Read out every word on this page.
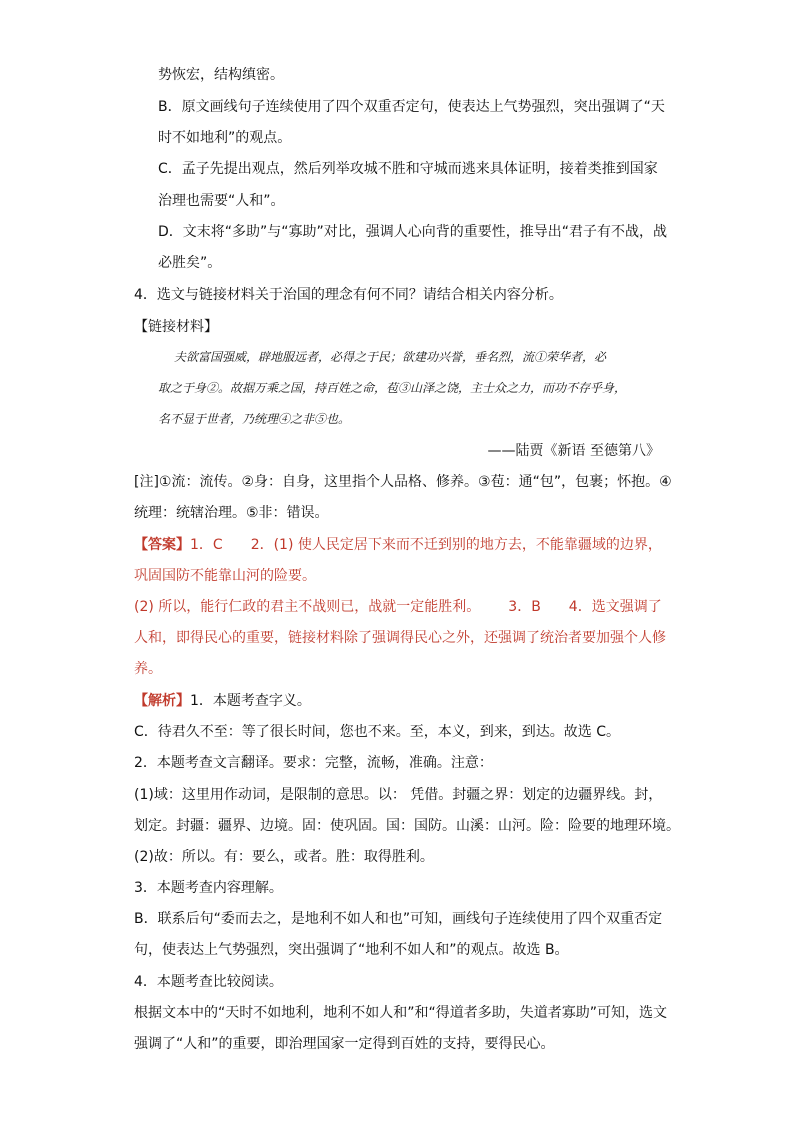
势恢宏，结构缜密。
B．原文画线句子连续使用了四个双重否定句，使表达上气势强烈，突出强调了“天
时不如地利”的观点。
C．孟子先提出观点，然后列举攻城不胜和守城而逃来具体证明，接着类推到国家
治理也需要“人和”。
D．文末将“多助”与“寡助”对比，强调人心向背的重要性，推导出“君子有不战，战
必胜矣”。
4．选文与链接材料关于治国的理念有何不同？请结合相关内容分析。
【链接材料】
夫欲富国强威，辟地服远者，必得之于民；欲建功兴誉，垂名烈，流①荣华者，必
取之于身②。故据万乘之国，持百姓之命，苞③山泽之饶，主士众之力，而功不存乎身，
名不显于世者，乃统理④之非⑤也。
——陆贾《新语 至德第八》
[注]①流：流传。②身：自身，这里指个人品格、修养。③苞：通“包”，包裹；怀抱。④
统理：统辖治理。⑤非：错误。
【答案】1．C 2．(1) 使人民定居下来而不迁到别的地方去，不能靠疆域的边界，
巩固国防不能靠山河的险要。
(2) 所以，能行仁政的君主不战则已，战就一定能胜利。 3．B 4．选文强调了
人和，即得民心的重要，链接材料除了强调得民心之外，还强调了统治者要加强个人修
养。
【解析】1．本题考查字义。
C．待君久不至：等了很长时间，您也不来。至，本义，到来，到达。故选 C。
2．本题考查文言翻译。要求：完整，流畅，准确。注意：
(1)域：这里用作动词，是限制的意思。以： 凭借。封疆之界：划定的边疆界线。封，
划定。封疆：疆界、边境。固：使巩固。国：国防。山溪：山河。险：险要的地理环境。
(2)故：所以。有：要么，或者。胜：取得胜利。
3．本题考查内容理解。
B．联系后句“委而去之，是地利不如人和也”可知，画线句子连续使用了四个双重否定
句，使表达上气势强烈，突出强调了“地利不如人和”的观点。故选 B。
4．本题考查比较阅读。
根据文本中的“天时不如地利，地利不如人和”和“得道者多助，失道者寡助”可知，选文
强调了“人和”的重要，即治理国家一定得到百姓的支持，要得民心。
